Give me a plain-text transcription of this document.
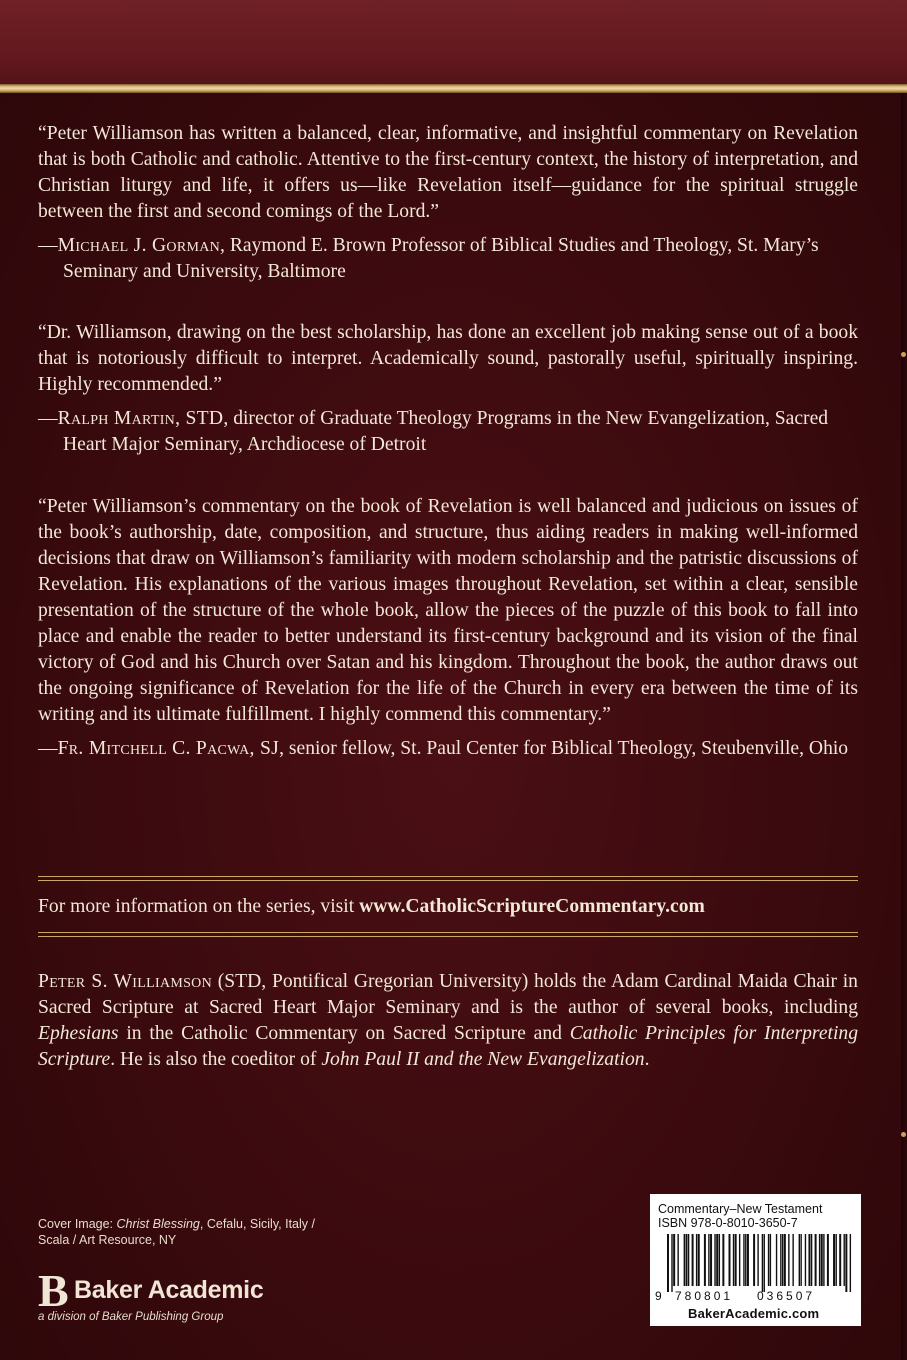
“Peter Williamson has written a balanced, clear, informative, and insightful commentary on Revelation that is both Catholic and catholic. Attentive to the first-century context, the history of interpretation, and Christian liturgy and life, it offers us—like Revelation itself—guidance for the spiritual struggle between the first and second comings of the Lord.”

—Michael J. Gorman, Raymond E. Brown Professor of Biblical Studies and Theology, St. Mary’s Seminary and University, Baltimore

“Dr. Williamson, drawing on the best scholarship, has done an excellent job making sense out of a book that is notoriously difficult to interpret. Academically sound, pastorally useful, spiritually inspiring. Highly recommended.”

—Ralph Martin, STD, director of Graduate Theology Programs in the New Evangelization, Sacred Heart Major Seminary, Archdiocese of Detroit

“Peter Williamson’s commentary on the book of Revelation is well balanced and judicious on issues of the book’s authorship, date, composition, and structure, thus aiding readers in making well-informed decisions that draw on Williamson’s familiarity with modern scholarship and the patristic discussions of Revelation. His explanations of the various images throughout Revelation, set within a clear, sensible presentation of the structure of the whole book, allow the pieces of the puzzle of this book to fall into place and enable the reader to better understand its first-century background and its vision of the final victory of God and his Church over Satan and his kingdom. Throughout the book, the author draws out the ongoing significance of Revelation for the life of the Church in every era between the time of its writing and its ultimate fulfillment. I highly commend this commentary.”

—Fr. Mitchell C. Pacwa, SJ, senior fellow, St. Paul Center for Biblical Theology, Steubenville, Ohio

For more information on the series, visit www.CatholicScriptureCommentary.com

Peter S. Williamson (STD, Pontifical Gregorian University) holds the Adam Cardinal Maida Chair in Sacred Scripture at Sacred Heart Major Seminary and is the author of several books, including Ephesians in the Catholic Commentary on Sacred Scripture and Catholic Principles for Interpreting Scripture. He is also the coeditor of John Paul II and the New Evangelization.

Cover Image: Christ Blessing, Cefalu, Sicily, Italy /
Scala / Art Resource, NY
B Baker Academic
a division of Baker Publishing Group
Commentary–New Testament
ISBN 978-0-8010-3650-7
9 780801 036507
BakerAcademic.com
